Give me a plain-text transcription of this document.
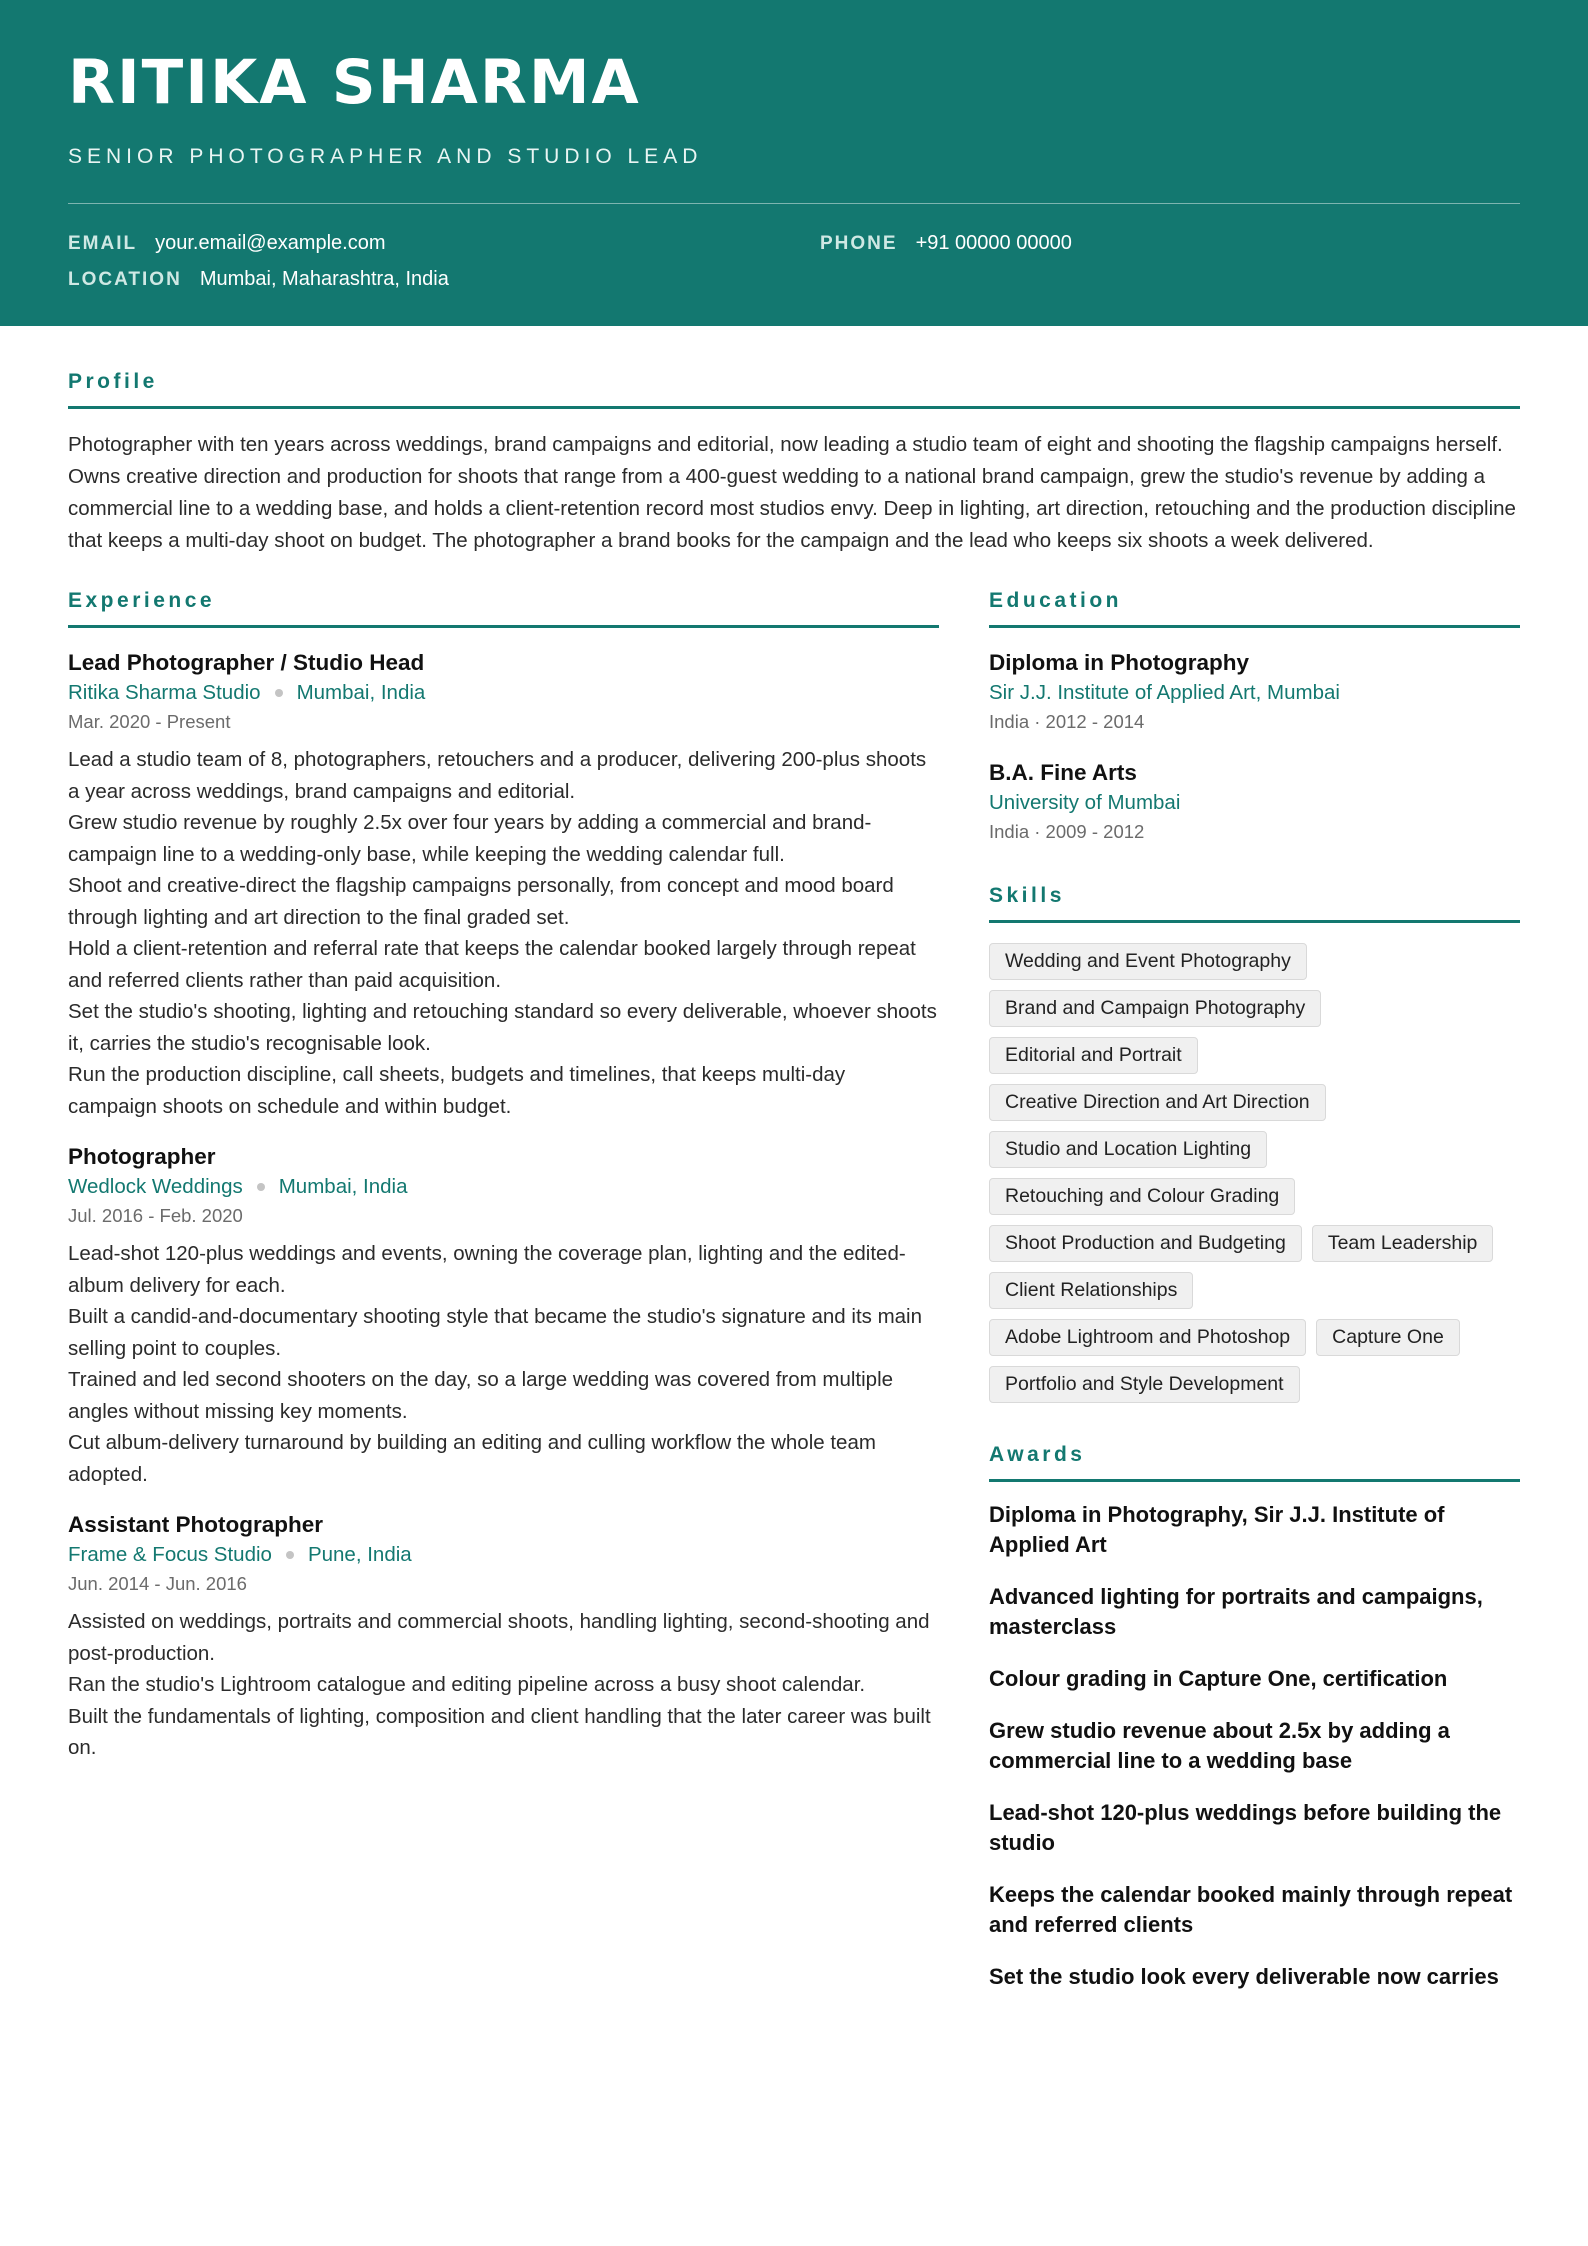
RITIKA SHARMA
SENIOR PHOTOGRAPHER AND STUDIO LEAD
EMAIL your.email@example.com	PHONE +91 00000 00000
LOCATION Mumbai, Maharashtra, India
Profile

Photographer with ten years across weddings, brand campaigns and editorial, now leading a studio team of eight and shooting the flagship campaigns herself. Owns creative direction and production for shoots that range from a 400-guest wedding to a national brand campaign, grew the studio's revenue by adding a commercial line to a wedding base, and holds a client-retention record most studios envy. Deep in lighting, art direction, retouching and the production discipline that keeps a multi-day shoot on budget. The photographer a brand books for the campaign and the lead who keeps six shoots a week delivered.

Experience
Lead Photographer / Studio Head
Ritika Sharma Studio Mumbai, India
Mar. 2020 - Present
Lead a studio team of 8, photographers, retouchers and a producer, delivering 200-plus shoots a year across weddings, brand campaigns and editorial.
Grew studio revenue by roughly 2.5x over four years by adding a commercial and brand-campaign line to a wedding-only base, while keeping the wedding calendar full.
Shoot and creative-direct the flagship campaigns personally, from concept and mood board through lighting and art direction to the final graded set.
Hold a client-retention and referral rate that keeps the calendar booked largely through repeat and referred clients rather than paid acquisition.
Set the studio's shooting, lighting and retouching standard so every deliverable, whoever shoots it, carries the studio's recognisable look.
Run the production discipline, call sheets, budgets and timelines, that keeps multi-day campaign shoots on schedule and within budget.
Photographer
Wedlock Weddings Mumbai, India
Jul. 2016 - Feb. 2020
Lead-shot 120-plus weddings and events, owning the coverage plan, lighting and the edited-album delivery for each.
Built a candid-and-documentary shooting style that became the studio's signature and its main selling point to couples.
Trained and led second shooters on the day, so a large wedding was covered from multiple angles without missing key moments.
Cut album-delivery turnaround by building an editing and culling workflow the whole team adopted.
Assistant Photographer
Frame & Focus Studio Pune, India
Jun. 2014 - Jun. 2016
Assisted on weddings, portraits and commercial shoots, handling lighting, second-shooting and post-production.
Ran the studio's Lightroom catalogue and editing pipeline across a busy shoot calendar.
Built the fundamentals of lighting, composition and client handling that the later career was built on.
Education
Diploma in Photography
Sir J.J. Institute of Applied Art, Mumbai
India · 2012 - 2014
B.A. Fine Arts
University of Mumbai
India · 2009 - 2012
Skills
Wedding and Event Photography
Brand and Campaign Photography
Editorial and Portrait
Creative Direction and Art Direction
Studio and Location Lighting
Retouching and Colour Grading
Shoot Production and Budgeting	Team Leadership
Client Relationships
Adobe Lightroom and Photoshop	Capture One
Portfolio and Style Development
Awards
Diploma in Photography, Sir J.J. Institute of Applied Art
Advanced lighting for portraits and campaigns, masterclass
Colour grading in Capture One, certification
Grew studio revenue about 2.5x by adding a commercial line to a wedding base
Lead-shot 120-plus weddings before building the studio
Keeps the calendar booked mainly through repeat and referred clients
Set the studio look every deliverable now carries
